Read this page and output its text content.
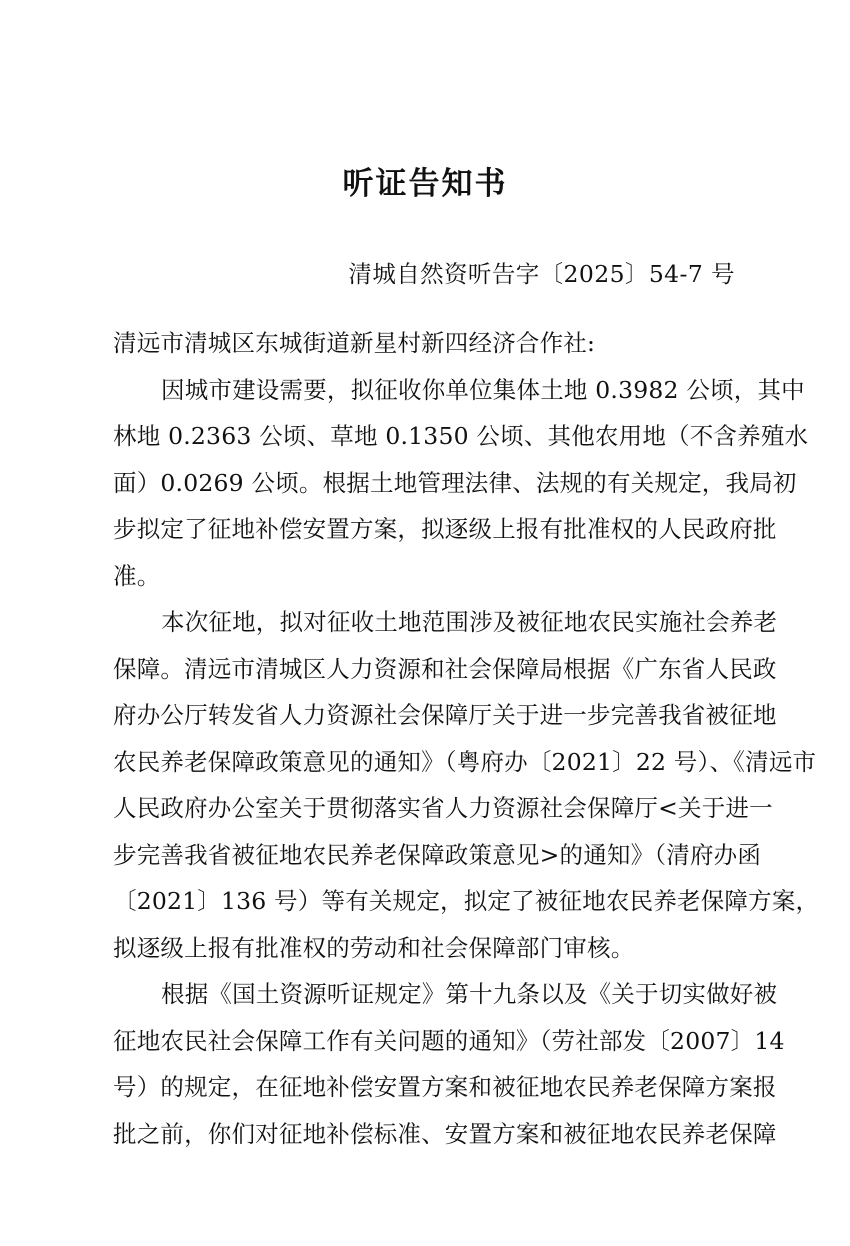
听证告知书
清城自然资听告字〔2025〕54-7 号
清远市清城区东城街道新星村新四经济合作社:
因城市建设需要，拟征收你单位集体土地 0.3982 公顷，其中
林地 0.2363 公顷、草地 0.1350 公顷、其他农用地（不含养殖水
面）0.0269 公顷。根据土地管理法律、法规的有关规定，我局初
步拟定了征地补偿安置方案，拟逐级上报有批准权的人民政府批
准。
本次征地，拟对征收土地范围涉及被征地农民实施社会养老
保障。清远市清城区人力资源和社会保障局根据《广东省人民政
府办公厅转发省人力资源社会保障厅关于进一步完善我省被征地
农民养老保障政策意见的通知》（粤府办〔2021〕22 号）、《清远市
人民政府办公室关于贯彻落实省人力资源社会保障厅<关于进一
步完善我省被征地农民养老保障政策意见>的通知》（清府办函
〔2021〕136 号）等有关规定，拟定了被征地农民养老保障方案，
拟逐级上报有批准权的劳动和社会保障部门审核。
根据《国土资源听证规定》第十九条以及《关于切实做好被
征地农民社会保障工作有关问题的通知》（劳社部发〔2007〕14
号）的规定，在征地补偿安置方案和被征地农民养老保障方案报
批之前，你们对征地补偿标准、安置方案和被征地农民养老保障
